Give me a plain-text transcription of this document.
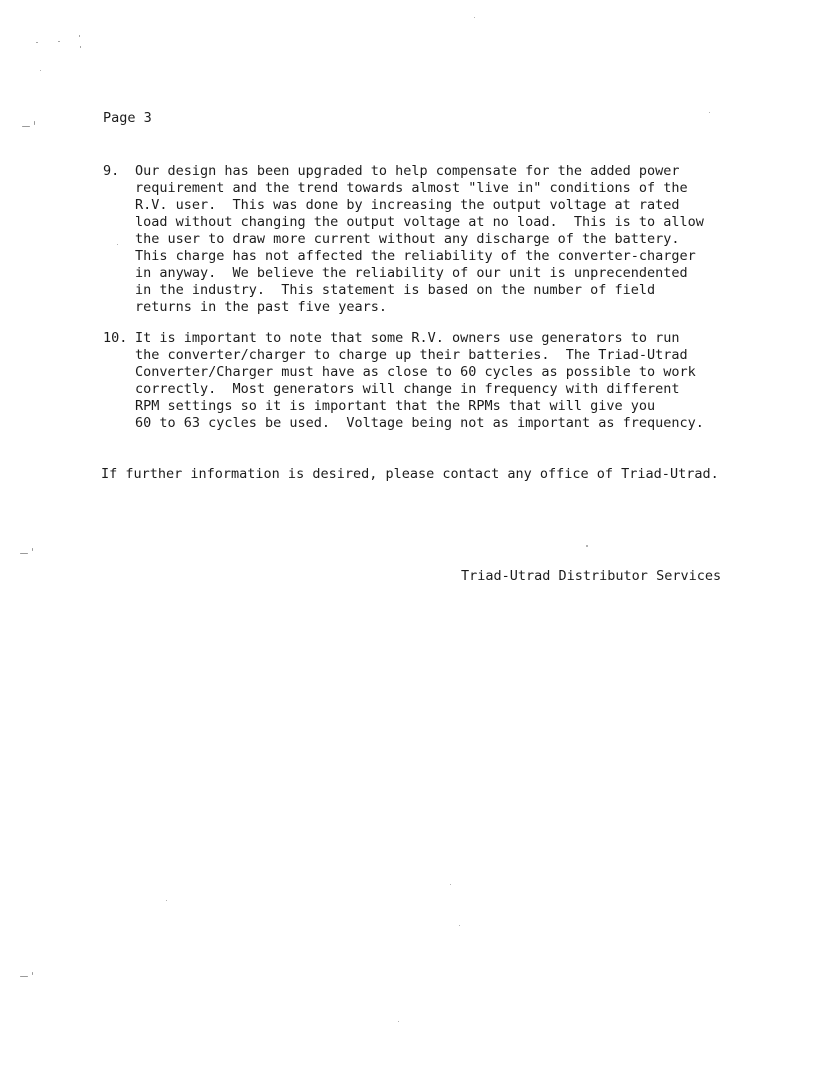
Page 3
9. Our design has been upgraded to help compensate for the added power
requirement and the trend towards almost "live in" conditions of the
R.V. user.  This was done by increasing the output voltage at rated
load without changing the output voltage at no load.  This is to allow
the user to draw more current without any discharge of the battery.
This charge has not affected the reliability of the converter-charger
in anyway.  We believe the reliability of our unit is unprecendented
in the industry.  This statement is based on the number of field
returns in the past five years.
10. It is important to note that some R.V. owners use generators to run
the converter/charger to charge up their batteries.  The Triad-Utrad
Converter/Charger must have as close to 60 cycles as possible to work
correctly.  Most generators will change in frequency with different
RPM settings so it is important that the RPMs that will give you
60 to 63 cycles be used.  Voltage being not as important as frequency.
If further information is desired, please contact any office of Triad-Utrad.
Triad-Utrad Distributor Services
